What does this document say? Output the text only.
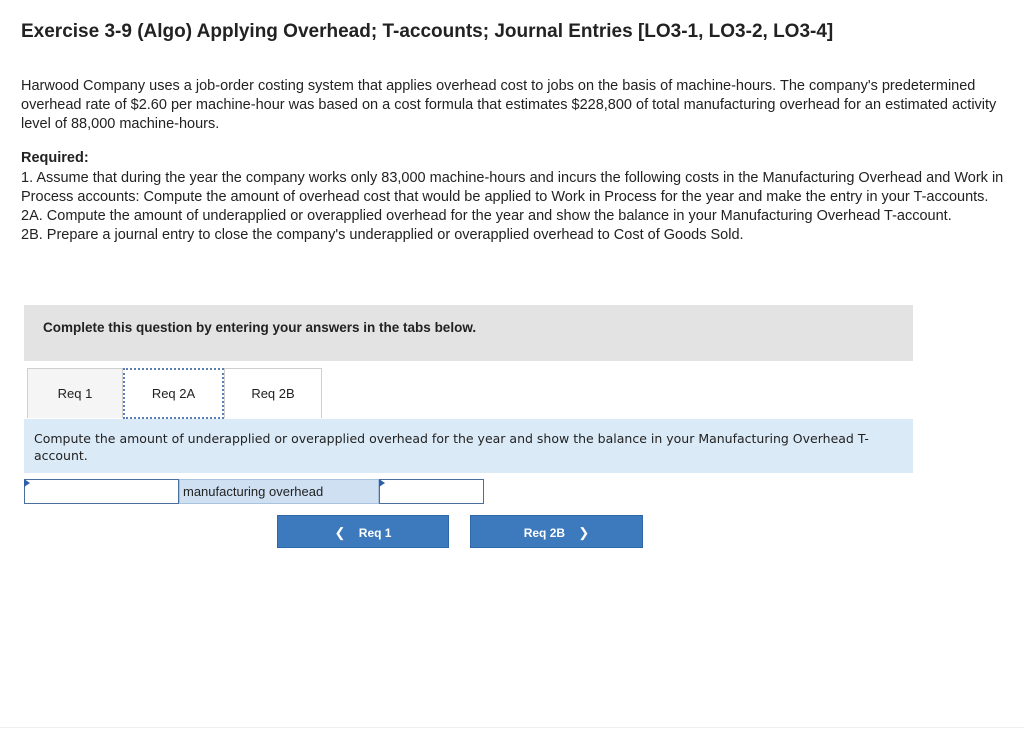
Exercise 3-9 (Algo) Applying Overhead; T-accounts; Journal Entries [LO3-1, LO3-2, LO3-4]

Harwood Company uses a job-order costing system that applies overhead cost to jobs on the basis of machine-hours. The company's predetermined overhead rate of $2.60 per machine-hour was based on a cost formula that estimates $228,800 of total manufacturing overhead for an estimated activity level of 88,000 machine-hours.

Required:

1. Assume that during the year the company works only 83,000 machine-hours and incurs the following costs in the Manufacturing Overhead and Work in Process accounts: Compute the amount of overhead cost that would be applied to Work in Process for the year and make the entry in your T-accounts.

2A. Compute the amount of underapplied or overapplied overhead for the year and show the balance in your Manufacturing Overhead T-account.

2B. Prepare a journal entry to close the company's underapplied or overapplied overhead to Cost of Goods Sold.

Complete this question by entering your answers in the tabs below.
Req 1	Req 2A	Req 2B
Compute the amount of underapplied or overapplied overhead for the year and show the balance in your Manufacturing Overhead T-account.
manufacturing overhead
❮ Req 1	Req 2B ❯
